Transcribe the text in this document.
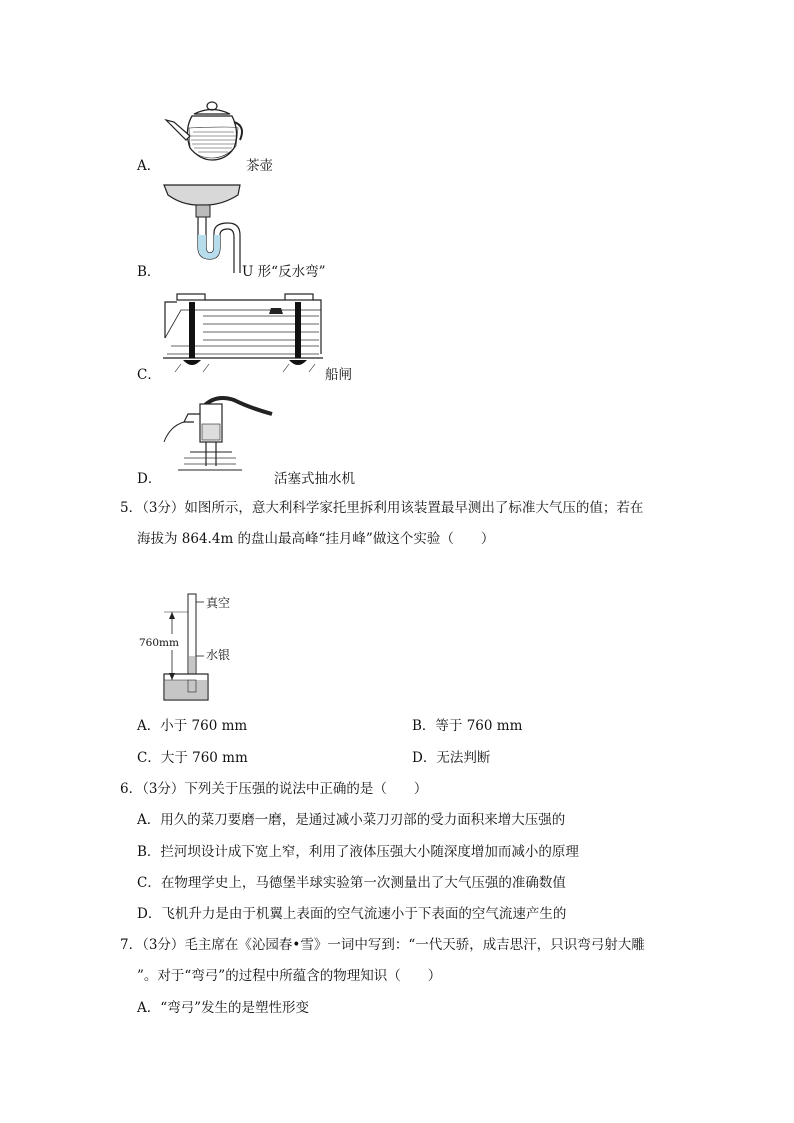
A．	茶壶
B．	U 形“反水弯”
C．	船闸
D．	活塞式抽水机
5．（3分）如图所示，意大利科学家托里拆利用该装置最早测出了标准大气压的值；若在
海拔为 864.4m 的盘山最高峰“挂月峰”做这个实验（　　）
真空
760mm
水银
A．小于 760 mm	B．等于 760 mm
C．大于 760 mm	D．无法判断
6．（3分）下列关于压强的说法中正确的是（　　）
A．用久的菜刀要磨一磨，是通过减小菜刀刃部的受力面积来增大压强的
B．拦河坝设计成下宽上窄，利用了液体压强大小随深度增加而减小的原理
C．在物理学史上，马德堡半球实验第一次测量出了大气压强的准确数值
D．飞机升力是由于机翼上表面的空气流速小于下表面的空气流速产生的
7．（3分）毛主席在《沁园春•雪》一词中写到：“一代天骄，成吉思汗，只识弯弓射大雕
”。对于“弯弓”的过程中所蕴含的物理知识（　　）
A．“弯弓”发生的是塑性形变
